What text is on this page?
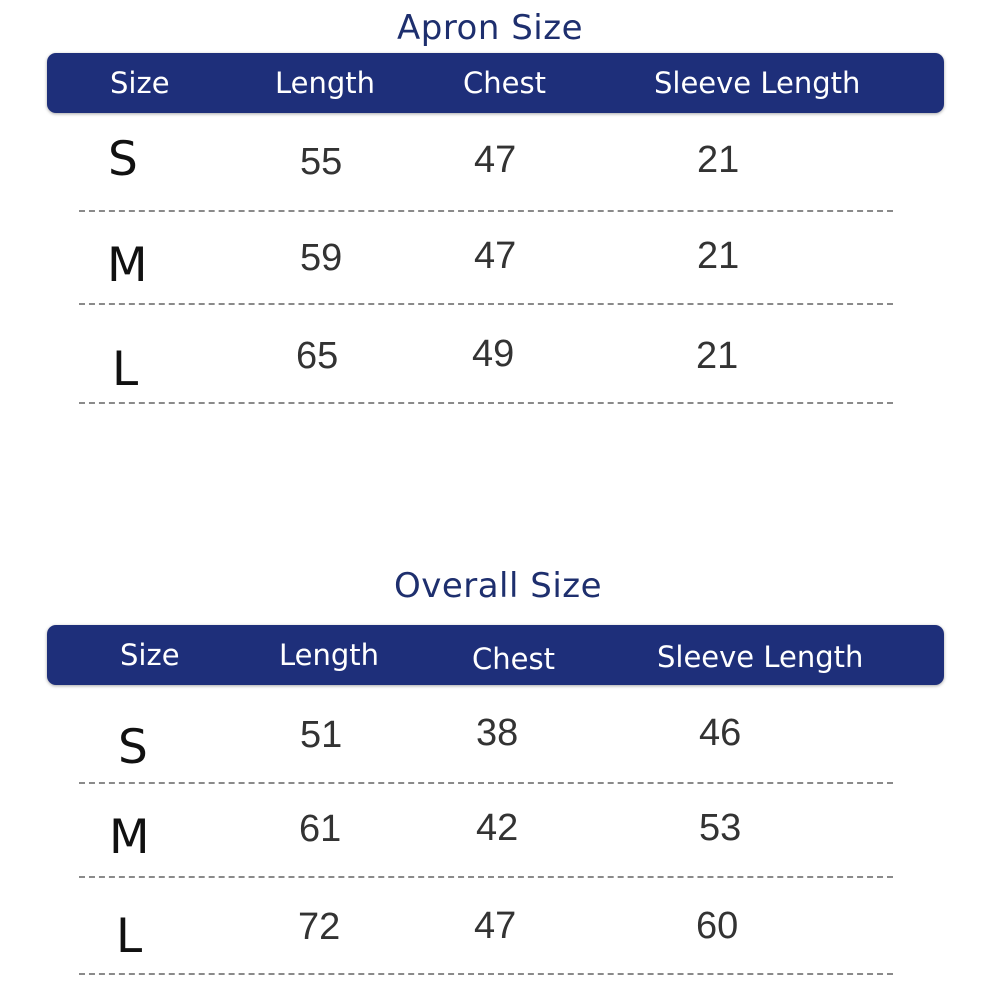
Apron Size
Size	Length	Chest	Sleeve Length
S	55	47	21
M	59	47	21
L	65	49	21
Overall Size
Size	Length	Chest	Sleeve Length
S	51	38	46
M	61	42	53
L	72	47	60
